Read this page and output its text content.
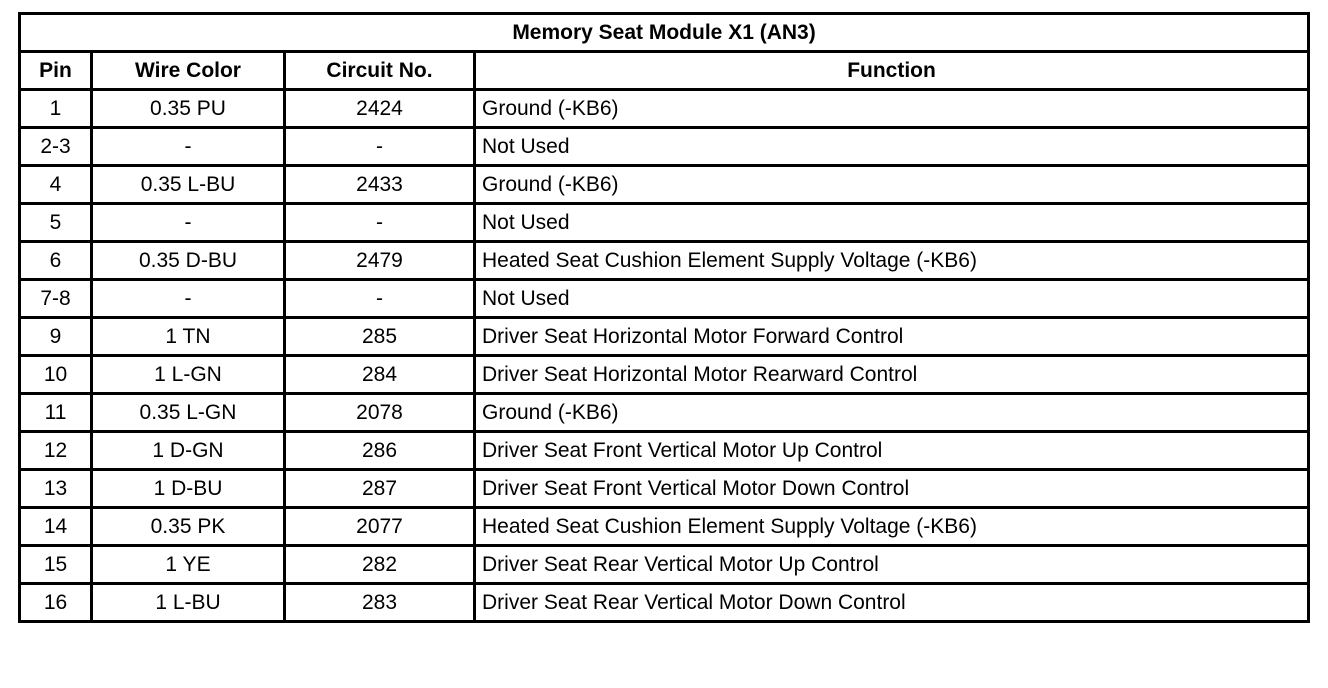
Memory Seat Module X1 (AN3)			
Pin	Wire Color	Circuit No.	Function
1	0.35 PU	2424	Ground (-KB6)
2-3	-	-	Not Used
4	0.35 L-BU	2433	Ground (-KB6)
5	-	-	Not Used
6	0.35 D-BU	2479	Heated Seat Cushion Element Supply Voltage (-KB6)
7-8	-	-	Not Used
9	1 TN	285	Driver Seat Horizontal Motor Forward Control
10	1 L-GN	284	Driver Seat Horizontal Motor Rearward Control
11	0.35 L-GN	2078	Ground (-KB6)
12	1 D-GN	286	Driver Seat Front Vertical Motor Up Control
13	1 D-BU	287	Driver Seat Front Vertical Motor Down Control
14	0.35 PK	2077	Heated Seat Cushion Element Supply Voltage (-KB6)
15	1 YE	282	Driver Seat Rear Vertical Motor Up Control
16	1 L-BU	283	Driver Seat Rear Vertical Motor Down Control
